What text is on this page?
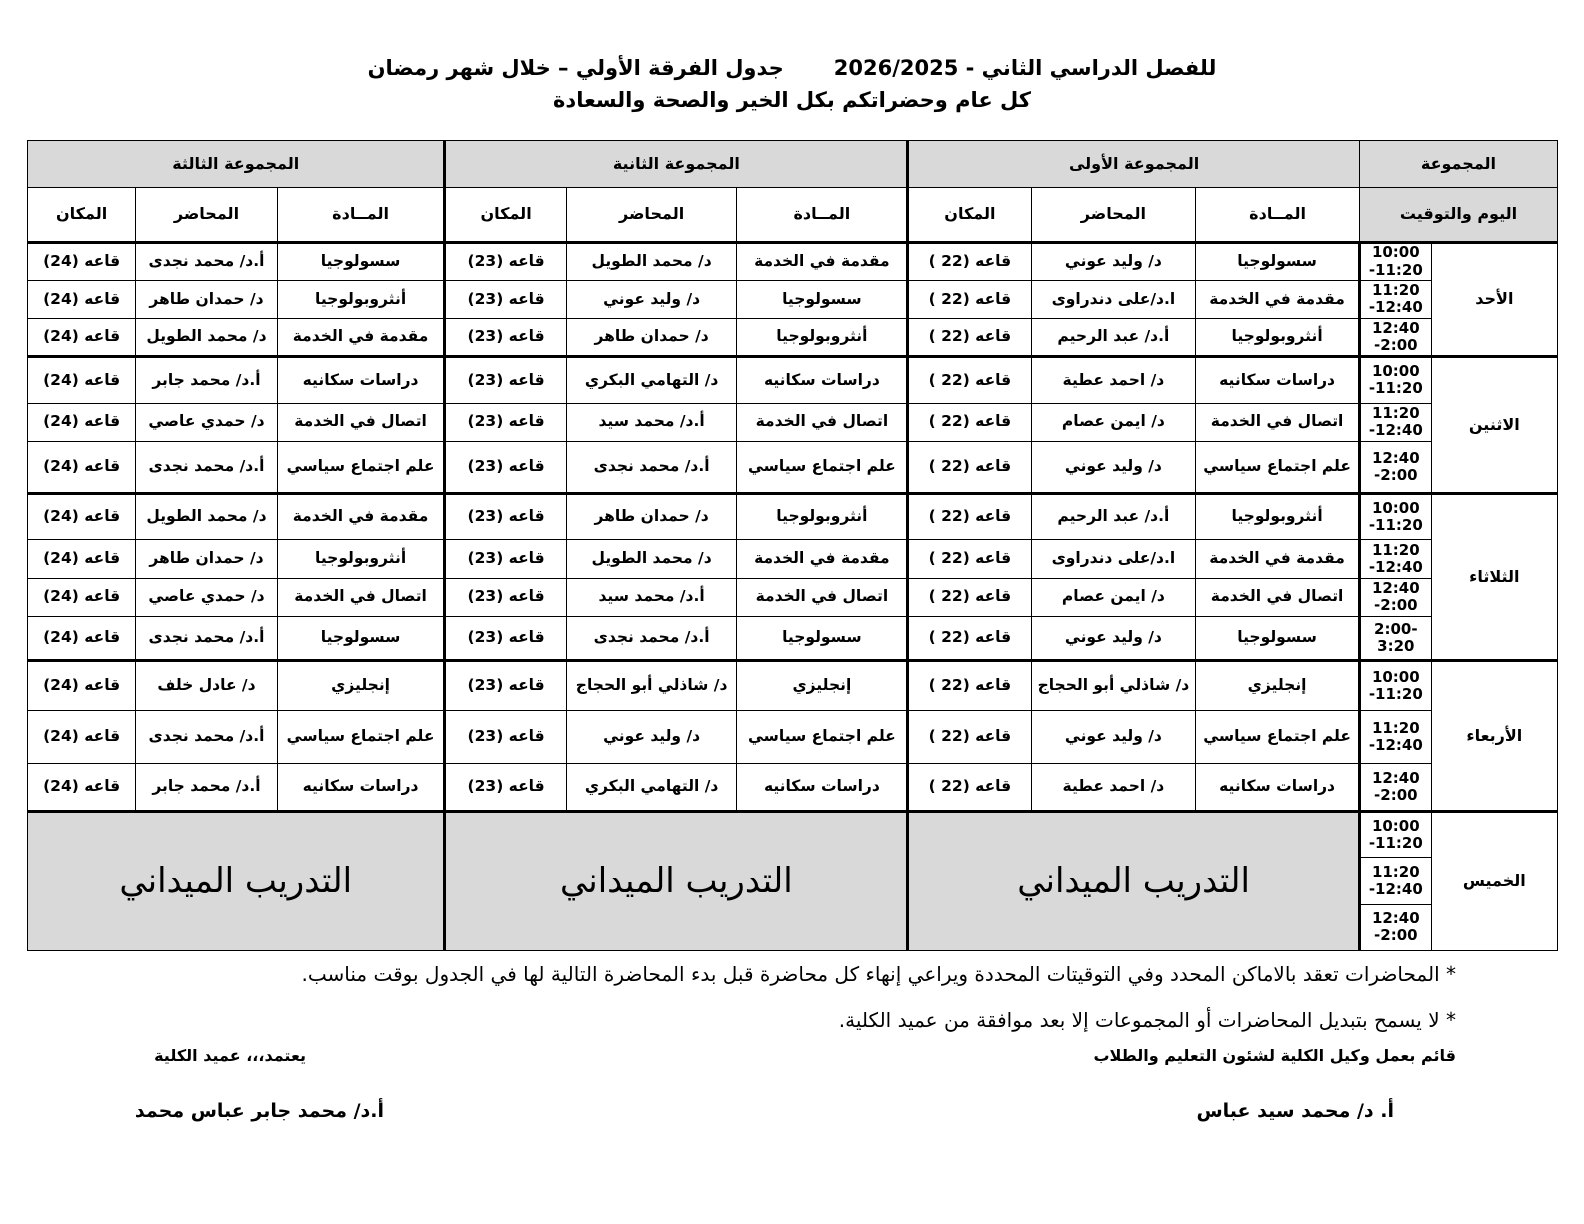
جدول الفرقة الأولي – خلال شهر رمضان للفصل الدراسي الثاني - 2026/2025
كل عام وحضراتكم بكل الخير والصحة والسعادة
المجموعة		المجموعة الأولى			المجموعة الثانية			المجموعة الثالثة		
اليوم والتوقيت		المــادة	المحاضر	المكان	المــادة	المحاضر	المكان	المــادة	المحاضر	المكان
الأحد	10:00 -11:20	سسولوجيا	د/ وليد عوني	قاعه (22 )	مقدمة في الخدمة	د/ محمد الطويل	قاعه (23)	سسولوجيا	أ.د/ محمد نجدى	قاعه (24)
	11:20 -12:40	مقدمة في الخدمة	ا.د/على دندراوى	قاعه (22 )	سسولوجيا	د/ وليد عوني	قاعه (23)	أنثروبولوجيا	د/ حمدان طاهر	قاعه (24)
	12:40 -2:00	أنثروبولوجيا	أ.د/ عبد الرحيم	قاعه (22 )	أنثروبولوجيا	د/ حمدان طاهر	قاعه (23)	مقدمة في الخدمة	د/ محمد الطويل	قاعه (24)
الاثنين	10:00 -11:20	دراسات سكانيه	د/ احمد عطية	قاعه (22 )	دراسات سكانيه	د/ التهامي البكري	قاعه (23)	دراسات سكانيه	أ.د/ محمد جابر	قاعه (24)
	11:20 -12:40	اتصال في الخدمة	د/ ايمن عصام	قاعه (22 )	اتصال في الخدمة	أ.د/ محمد سيد	قاعه (23)	اتصال في الخدمة	د/ حمدي عاصي	قاعه (24)
	12:40 -2:00	علم اجتماع سياسي	د/ وليد عوني	قاعه (22 )	علم اجتماع سياسي	أ.د/ محمد نجدى	قاعه (23)	علم اجتماع سياسي	أ.د/ محمد نجدى	قاعه (24)
الثلاثاء	10:00 -11:20	أنثروبولوجيا	أ.د/ عبد الرحيم	قاعه (22 )	أنثروبولوجيا	د/ حمدان طاهر	قاعه (23)	مقدمة في الخدمة	د/ محمد الطويل	قاعه (24)
	11:20 -12:40	مقدمة في الخدمة	ا.د/على دندراوى	قاعه (22 )	مقدمة في الخدمة	د/ محمد الطويل	قاعه (23)	أنثروبولوجيا	د/ حمدان طاهر	قاعه (24)
	12:40 -2:00	اتصال في الخدمة	د/ ايمن عصام	قاعه (22 )	اتصال في الخدمة	أ.د/ محمد سيد	قاعه (23)	اتصال في الخدمة	د/ حمدي عاصي	قاعه (24)
	2:00- 3:20	سسولوجيا	د/ وليد عوني	قاعه (22 )	سسولوجيا	أ.د/ محمد نجدى	قاعه (23)	سسولوجيا	أ.د/ محمد نجدى	قاعه (24)
الأربعاء	10:00 -11:20	إنجليزي	د/ شاذلي أبو الحجاج	قاعه (22 )	إنجليزي	د/ شاذلي أبو الحجاج	قاعه (23)	إنجليزي	د/ عادل خلف	قاعه (24)
	11:20 -12:40	علم اجتماع سياسي	د/ وليد عوني	قاعه (22 )	علم اجتماع سياسي	د/ وليد عوني	قاعه (23)	علم اجتماع سياسي	أ.د/ محمد نجدى	قاعه (24)
	12:40 -2:00	دراسات سكانيه	د/ احمد عطية	قاعه (22 )	دراسات سكانيه	د/ التهامي البكري	قاعه (23)	دراسات سكانيه	أ.د/ محمد جابر	قاعه (24)
الخميس	10:00 -11:20	التدريب الميداني			التدريب الميداني			التدريب الميداني		
	11:20 -12:40									
	12:40 -2:00									
* المحاضرات تعقد بالاماكن المحدد وفي التوقيتات المحددة ويراعي إنهاء كل محاضرة قبل بدء المحاضرة التالية لها في الجدول بوقت مناسب.
* لا يسمح بتبديل المحاضرات أو المجموعات إلا بعد موافقة من عميد الكلية.
قائم بعمل وكيل الكلية لشئون التعليم والطلاب
يعتمد،،، عميد الكلية
أ. د/ محمد سيد عباس
أ.د/ محمد جابر عباس محمد
